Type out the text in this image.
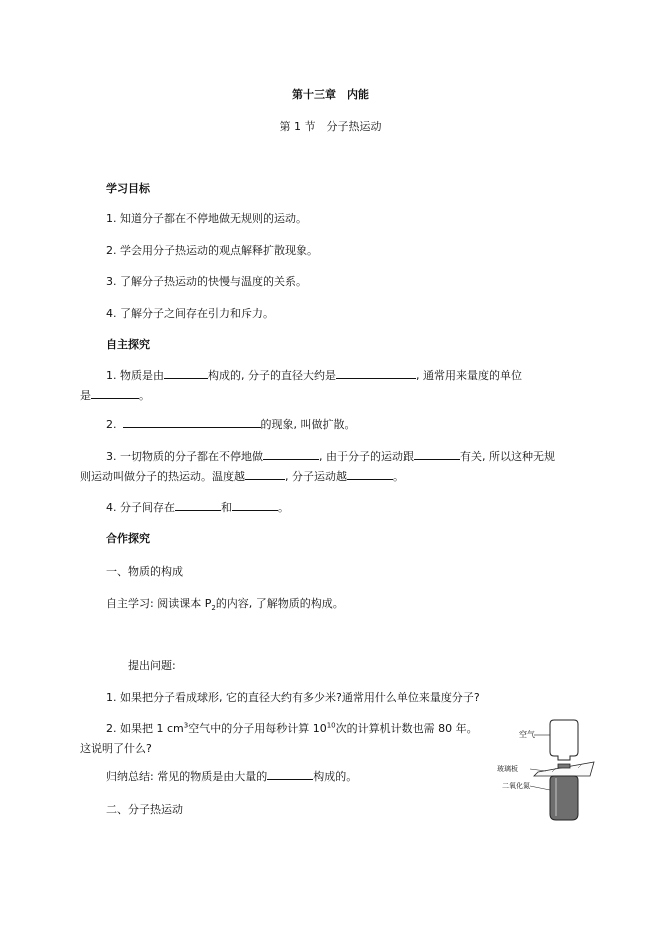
第十三章　内能
第 1 节　分子热运动
学习目标
1. 知道分子都在不停地做无规则的运动。
2. 学会用分子热运动的观点解释扩散现象。
3. 了解分子热运动的快慢与温度的关系。
4. 了解分子之间存在引力和斥力。
自主探究
1. 物质是由	构成的, 分子的直径大约是	, 通常用来量度的单位
是	。
2.	的现象, 叫做扩散。
3. 一切物质的分子都在不停地做	, 由于分子的运动跟	有关, 所以这种无规
则运动叫做分子的热运动。温度越	, 分子运动越	。
4. 分子间存在	和	。
合作探究
一、物质的构成
自主学习: 阅读课本 $P_2$的内容, 了解物质的构成。
提出问题:
1. 如果把分子看成球形, 它的直径大约有多少米?通常用什么单位来量度分子?
2. 如果把 1 $cm^3$空气中的分子用每秒计算 $10^{10}$次的计算机计数也需 80 年。
这说明了什么?
归纳总结: 常见的物质是由大量的	构成的。
二、分子热运动
空气
玻璃板
二氧化氮
